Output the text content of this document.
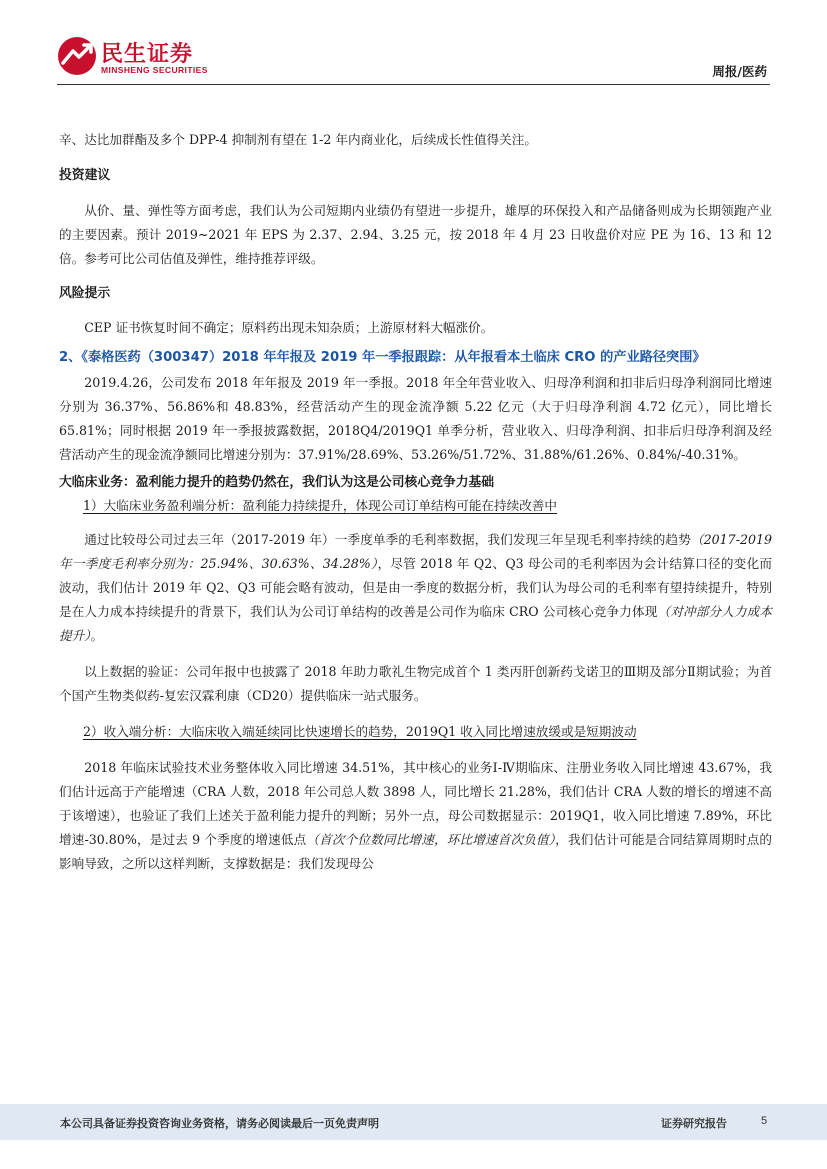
民生证券
MINSHENG SECURITIES	周报/医药

辛、达比加群酯及多个 DPP-4 抑制剂有望在 1-2 年内商业化，后续成长性值得关注。

投资建议

从价、量、弹性等方面考虑，我们认为公司短期内业绩仍有望进一步提升，雄厚的环保投入和产品储备则成为长期领跑产业的主要因素。预计 2019~2021 年 EPS 为 2.37、2.94、3.25 元，按 2018 年 4 月 23 日收盘价对应 PE 为 16、13 和 12 倍。参考可比公司估值及弹性，维持推荐评级。

风险提示

CEP 证书恢复时间不确定；原料药出现未知杂质；上游原材料大幅涨价。

2、《泰格医药（300347）2018 年年报及 2019 年一季报跟踪：从年报看本土临床 CRO 的产业路径突围》

2019.4.26，公司发布 2018 年年报及 2019 年一季报。2018 年全年营业收入、归母净利润和扣非后归母净利润同比增速分别为 36.37%、56.86%和 48.83%，经营活动产生的现金流净额 5.22 亿元（大于归母净利润 4.72 亿元），同比增长 65.81%；同时根据 2019 年一季报披露数据，2018Q4/2019Q1 单季分析，营业收入、归母净利润、扣非后归母净利润及经营活动产生的现金流净额同比增速分别为：37.91%/28.69%、53.26%/51.72%、31.88%/61.26%、0.84%/-40.31%。

大临床业务：盈利能力提升的趋势仍然在，我们认为这是公司核心竞争力基础

1）大临床业务盈利端分析：盈利能力持续提升，体现公司订单结构可能在持续改善中

通过比较母公司过去三年（2017-2019 年）一季度单季的毛利率数据，我们发现三年呈现毛利率持续的趋势（2017-2019 年一季度毛利率分别为：25.94%、30.63%、34.28%），尽管 2018 年 Q2、Q3 母公司的毛利率因为会计结算口径的变化而波动，我们估计 2019 年 Q2、Q3 可能会略有波动，但是由一季度的数据分析，我们认为母公司的毛利率有望持续提升，特别是在人力成本持续提升的背景下，我们认为公司订单结构的改善是公司作为临床 CRO 公司核心竞争力体现（对冲部分人力成本提升）。

以上数据的验证：公司年报中也披露了 2018 年助力歌礼生物完成首个 1 类丙肝创新药戈诺卫的Ⅲ期及部分Ⅱ期试验；为首个国产生物类似药-复宏汉霖利康（CD20）提供临床一站式服务。

2）收入端分析：大临床收入端延续同比快速增长的趋势，2019Q1 收入同比增速放缓或是短期波动

2018 年临床试验技术业务整体收入同比增速 34.51%，其中核心的业务Ⅰ-Ⅳ期临床、注册业务收入同比增速 43.67%，我们估计远高于产能增速（CRA 人数，2018 年公司总人数 3898 人，同比增长 21.28%，我们估计 CRA 人数的增长的增速不高于该增速），也验证了我们上述关于盈利能力提升的判断；另外一点，母公司数据显示：2019Q1，收入同比增速 7.89%，环比增速-30.80%，是过去 9 个季度的增速低点（首次个位数同比增速，环比增速首次负值），我们估计可能是合同结算周期时点的影响导致，之所以这样判断，支撑数据是：我们发现母公

本公司具备证券投资咨询业务资格，请务必阅读最后一页免责声明	证券研究报告	5
